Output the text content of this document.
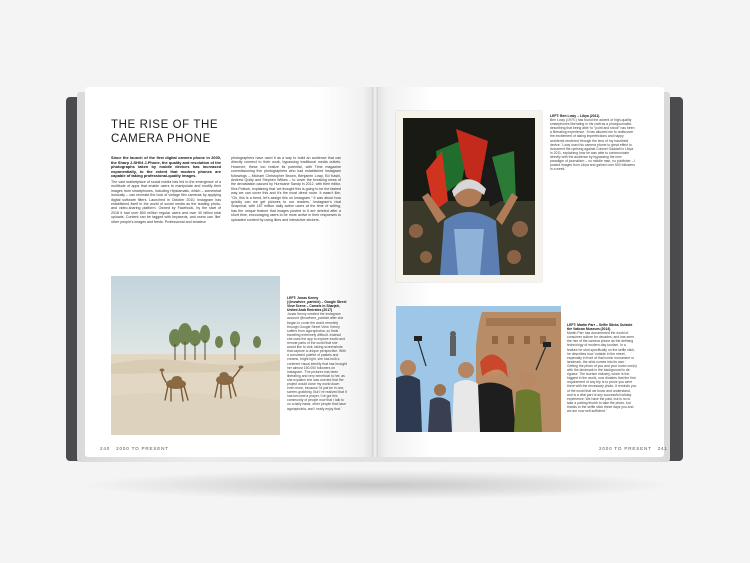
THE RISE OF THE
CAMERA PHONE
Since the launch of the first digital camera phone in 2000, the Sharp J-SH04 J-Phone, the quality and resolution of the photographs taken by mobile devices has increased exponentially, to the extent that modern phones are capable of taking professional-quality images.
The vast marketplace of social media has led to the emergence of a multitude of apps that enable users to manipulate and modify their images from smartphones, including Hipstamatic, which – somewhat ironically – can recreate the look of vintage film cameras by applying digital software filters. Launched in October 2010, Instagram has established itself in the world of social media as the leading photo- and video-sharing platform. Owned by Facebook, by the start of 2018 it had over 800 million regular users and over 40 billion total uploads. Content can be tagged with keywords, and users can 'like' other people's images and feeds. Professional and amateur
photographers have used it as a way to build an audience that can directly connect to their work, bypassing traditional media outlets. However, these too realize its potential, with Time magazine commissioning five photographers who had established Instagram followings – Michael Christopher Brown, Benjamin Lowy, Ed Kashi, Andrew Quilty and Stephen Wilkes – to cover the breaking news of the devastation caused by Hurricane Sandy in 2012, with their editor, Kira Pollock, explaining that 'we thought this is going to be the fastest way we can cover this and it's the most direct route. It wasn't like, "Oh, this is a trend, let's assign this on Instagram." It was about how quickly can we get pictures to our readers.' Instagram's rival Snapchat, with 187 million daily active users at the time of writing, has the unique feature that images posted to it are deleted after a short time, encouraging users to be more active in their responses to uploaded content by using likes and interactive stickers.
LEFT: Jonas Kenny (@nowhere_particle) – Google Street View Scene – Camels in Sharjah, United Arab Emirates (2017)
Jonas Kenny created the Instagram account @nowhere_particle after she began to comb the world remotely through Google Street View. Kenny suffers from agoraphobia, so finds travelling extremely difficult. Instead she uses the app to explore exotic and remote parts of the world that she would like to visit, taking screenshots that capture a unique perspective. With a consistent palette of pastels and creams, bright light, she has built a coherent visual identity that has brought her almost 150,000 followers on Instagram. 'The pictures has been liberating and very beneficial to her, as she explains she was worried that the project would close my world down even more, because I'd just be in one, screen-grabbing. But I've realized that it has become a prayer, I've got this community of people now that I talk to on a daily basis, other people that have agoraphobia, and I really enjoy that.'
240 2000 TO PRESENT
LEFT: Ben Lowy – Libya (2011)
Ben Lowy (1979-) has found the advent of high-quality smartphones liberating in his craft as a photojournalist, describing that being able 'to "point and shoot" has been a liberating experience.' It has allowed me to rediscover the excitement of taking imperfections and happy accidents rendered through the lens of my handheld device.' Lowy used his camera phone to great effect to document the uprising against Colonel Gaddafi in Libya in 2011, explaining how he was able to communicate directly with the audience by bypassing the new paradigm of journalism – no middle man, no publisher – I posted images from Libya and gained over 500 followers in a week.'
LEFT: Martin Parr – Selfie Sticks Outside the Vatican Museum (2014)
Martin Parr has documented the world of consumer culture for decades, and has seen the rise of the camera phone as the defining technology of modern-day tourism. In a feature he shot specifically on the selfie stick, he describes how 'outside in the street, especially in front of that iconic monument or landmark, the stick comes into its own.' Getting the photo of you and your loved one(s) with the landmark in the background is de rigueur. The tourism industry, which is the biggest in the world, now dictates that the first requirement of any trip is to prove you were there with the necessary photo. It reminds you of the world that we know and understand, and is a vital part of any successful holiday experience. We have the past, but is no to take a parting thumb to take the photo, but thanks to the selfie stick these days you and we are now self-sufficient.'
2000 TO PRESENT 241
